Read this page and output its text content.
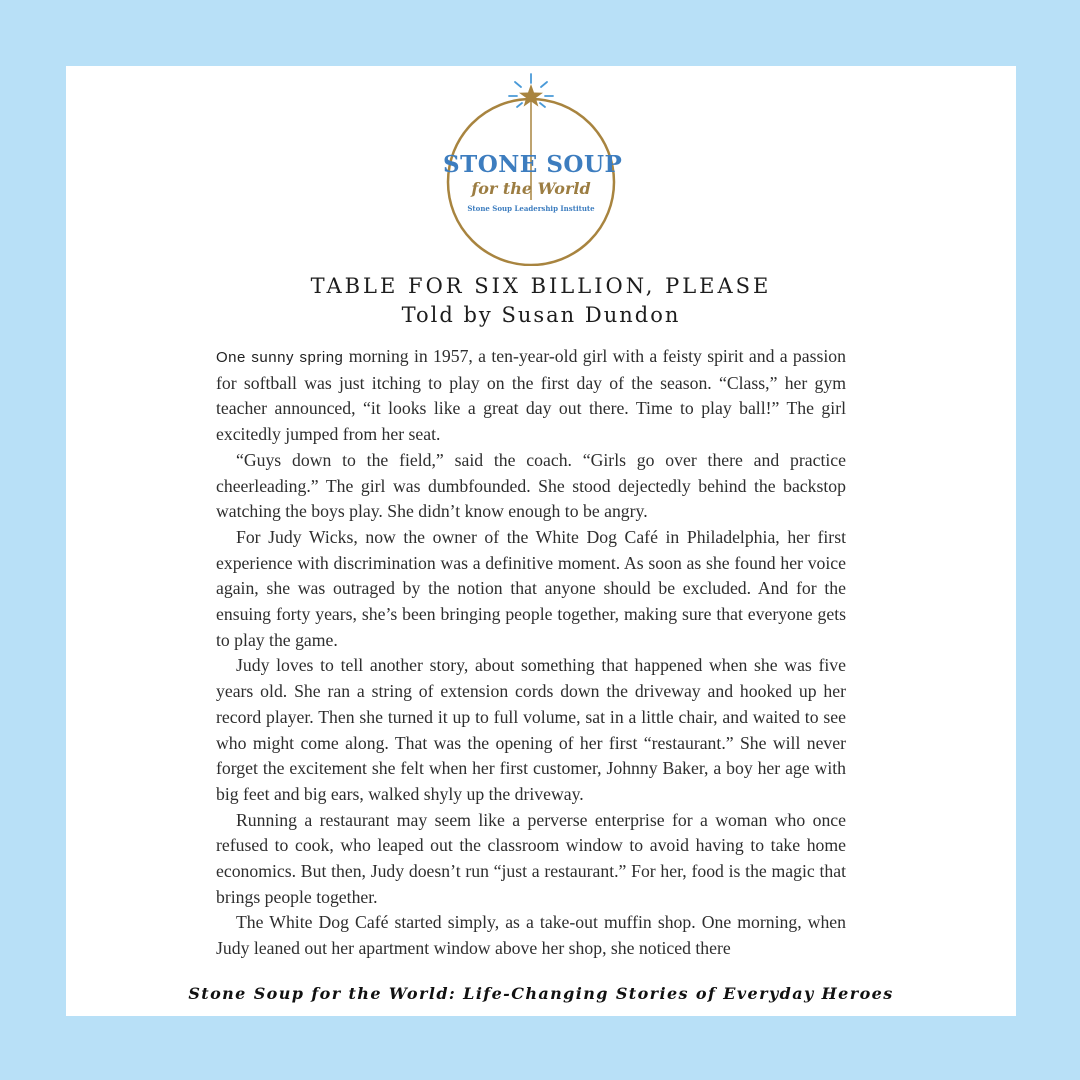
STONE SOUP
for the World
Stone Soup Leadership Institute
TABLE FOR SIX BILLION, PLEASE
Told by Susan Dundon

One sunny spring morning in 1957, a ten-year-old girl with a feisty spirit and a passion for softball was just itching to play on the first day of the season. “Class,” her gym teacher announced, “it looks like a great day out there. Time to play ball!” The girl excitedly jumped from her seat.

“Guys down to the field,” said the coach. “Girls go over there and practice cheerleading.” The girl was dumbfounded. She stood dejectedly behind the backstop watching the boys play. She didn’t know enough to be angry.

For Judy Wicks, now the owner of the White Dog Café in Philadelphia, her first experience with discrimination was a definitive moment. As soon as she found her voice again, she was outraged by the notion that anyone should be excluded. And for the ensuing forty years, she’s been bringing people together, making sure that everyone gets to play the game.

Judy loves to tell another story, about something that happened when she was five years old. She ran a string of extension cords down the driveway and hooked up her record player. Then she turned it up to full volume, sat in a little chair, and waited to see who might come along. That was the opening of her first “restaurant.” She will never forget the excitement she felt when her first customer, Johnny Baker, a boy her age with big feet and big ears, walked shyly up the driveway.

Running a restaurant may seem like a perverse enterprise for a woman who once refused to cook, who leaped out the classroom window to avoid having to take home economics. But then, Judy doesn’t run “just a restaurant.” For her, food is the magic that brings people together.

The White Dog Café started simply, as a take-out muffin shop. One morning, when Judy leaned out her apartment window above her shop, she noticed there

Stone Soup for the World: Life-Changing Stories of Everyday Heroes
